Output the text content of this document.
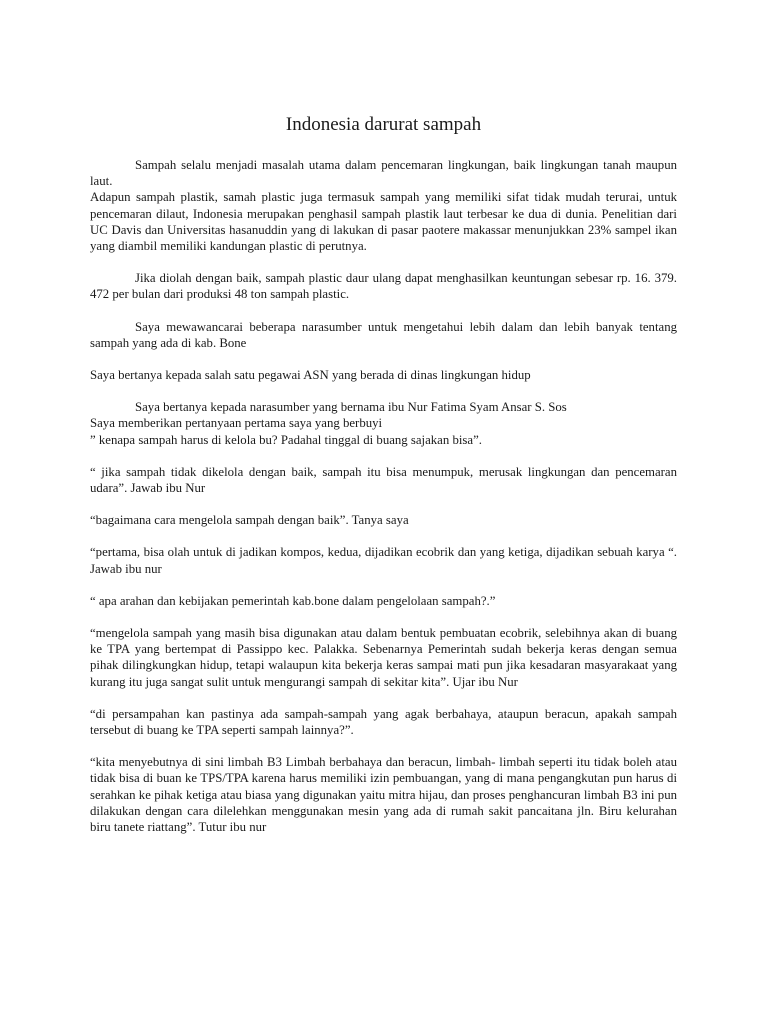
Indonesia darurat sampah

Sampah selalu menjadi masalah utama dalam pencemaran lingkungan, baik lingkungan tanah maupun laut.

Adapun sampah plastik, samah plastic juga termasuk sampah yang memiliki sifat tidak mudah terurai, untuk pencemaran dilaut, Indonesia merupakan penghasil sampah plastik laut terbesar ke dua di dunia. Penelitian dari UC Davis dan Universitas hasanuddin yang di lakukan di pasar paotere makassar menunjukkan 23% sampel ikan yang diambil memiliki kandungan plastic di perutnya.

Jika diolah dengan baik, sampah plastic daur ulang dapat menghasilkan keuntungan sebesar rp. 16. 379. 472 per bulan dari produksi 48 ton sampah plastic.

Saya mewawancarai beberapa narasumber untuk mengetahui lebih dalam dan lebih banyak tentang sampah yang ada di kab. Bone

Saya bertanya kepada salah satu pegawai ASN yang berada di dinas lingkungan hidup

Saya bertanya kepada narasumber yang bernama ibu Nur Fatima Syam Ansar S. Sos

Saya memberikan pertanyaan pertama saya yang berbuyi

” kenapa sampah harus di kelola bu? Padahal tinggal di buang sajakan bisa”.

“ jika sampah tidak dikelola dengan baik, sampah itu bisa menumpuk, merusak lingkungan dan pencemaran udara”. Jawab ibu Nur

“bagaimana cara mengelola sampah dengan baik”. Tanya saya

“pertama, bisa olah untuk di jadikan kompos, kedua, dijadikan ecobrik dan yang ketiga, dijadikan sebuah karya “. Jawab ibu nur

“ apa arahan dan kebijakan pemerintah kab.bone dalam pengelolaan sampah?.”

“mengelola sampah yang masih bisa digunakan atau dalam bentuk pembuatan ecobrik, selebihnya akan di buang ke TPA yang bertempat di Passippo kec. Palakka. Sebenarnya Pemerintah sudah bekerja keras dengan semua pihak dilingkungkan hidup, tetapi walaupun kita bekerja keras sampai mati pun jika kesadaran masyarakaat yang kurang itu juga sangat sulit untuk mengurangi sampah di sekitar kita”. Ujar ibu Nur

“di persampahan kan pastinya ada sampah-sampah yang agak berbahaya, ataupun beracun, apakah sampah tersebut di buang ke TPA seperti sampah lainnya?”.

“kita menyebutnya di sini limbah B3 Limbah berbahaya dan beracun, limbah- limbah seperti itu tidak boleh atau tidak bisa di buan ke TPS/TPA karena harus memiliki izin pembuangan, yang di mana pengangkutan pun harus di serahkan ke pihak ketiga atau biasa yang digunakan yaitu mitra hijau, dan proses penghancuran limbah B3 ini pun dilakukan dengan cara dilelehkan menggunakan mesin yang ada di rumah sakit pancaitana jln. Biru kelurahan biru tanete riattang”. Tutur ibu nur
